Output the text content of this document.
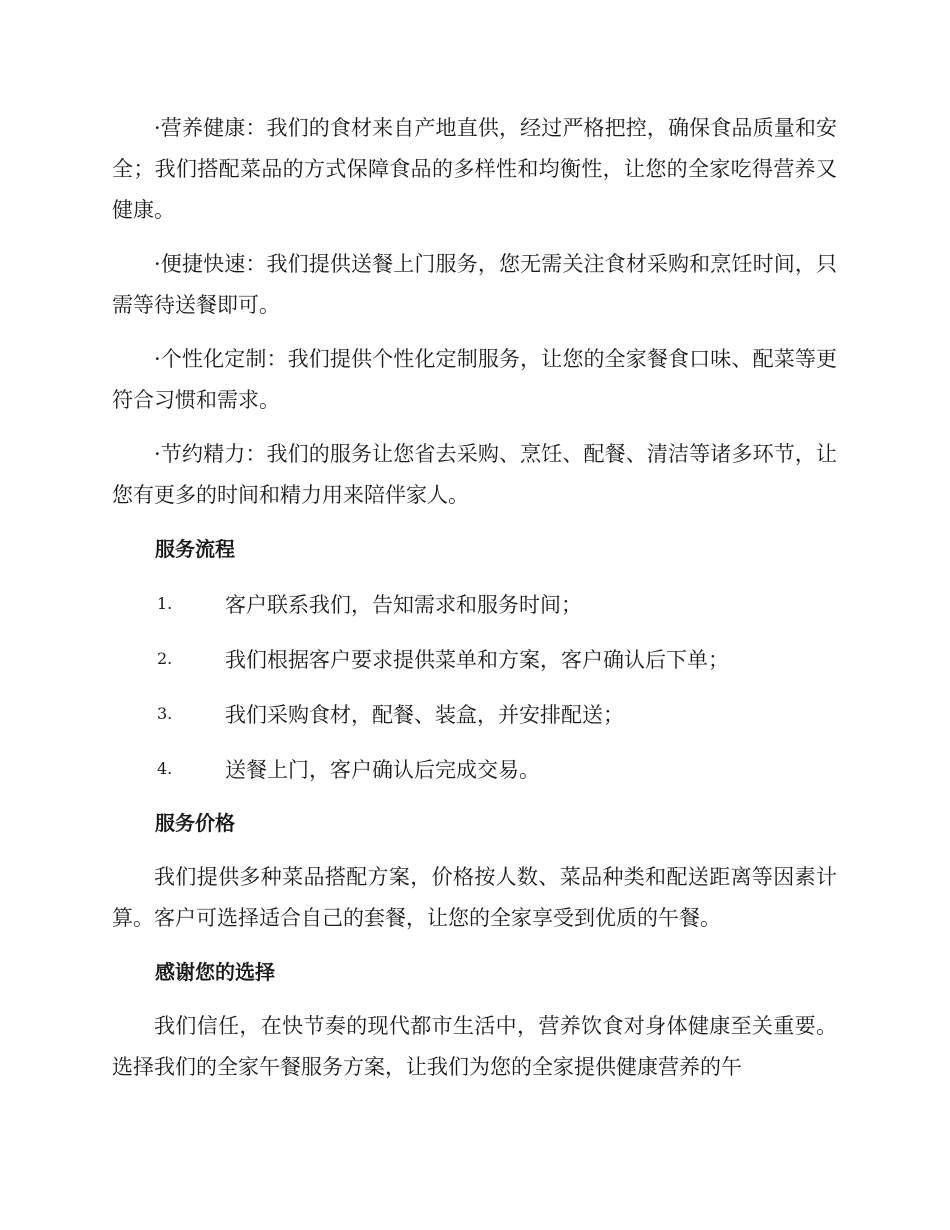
·营养健康：我们的食材来自产地直供，经过严格把控，确保食品质量和安全；我们搭配菜品的方式保障食品的多样性和均衡性，让您的全家吃得营养又健康。

·便捷快速：我们提供送餐上门服务，您无需关注食材采购和烹饪时间，只需等待送餐即可。

·个性化定制：我们提供个性化定制服务，让您的全家餐食口味、配菜等更符合习惯和需求。

·节约精力：我们的服务让您省去采购、烹饪、配餐、清洁等诸多环节，让您有更多的时间和精力用来陪伴家人。

服务流程
1.	客户联系我们，告知需求和服务时间；
2.	我们根据客户要求提供菜单和方案，客户确认后下单；
3.	我们采购食材，配餐、装盒，并安排配送；
4.	送餐上门，客户确认后完成交易。
服务价格

我们提供多种菜品搭配方案，价格按人数、菜品种类和配送距离等因素计算。客户可选择适合自己的套餐，让您的全家享受到优质的午餐。

感谢您的选择

我们信任，在快节奏的现代都市生活中，营养饮食对身体健康至关重要。选择我们的全家午餐服务方案，让我们为您的全家提供健康营养的午
